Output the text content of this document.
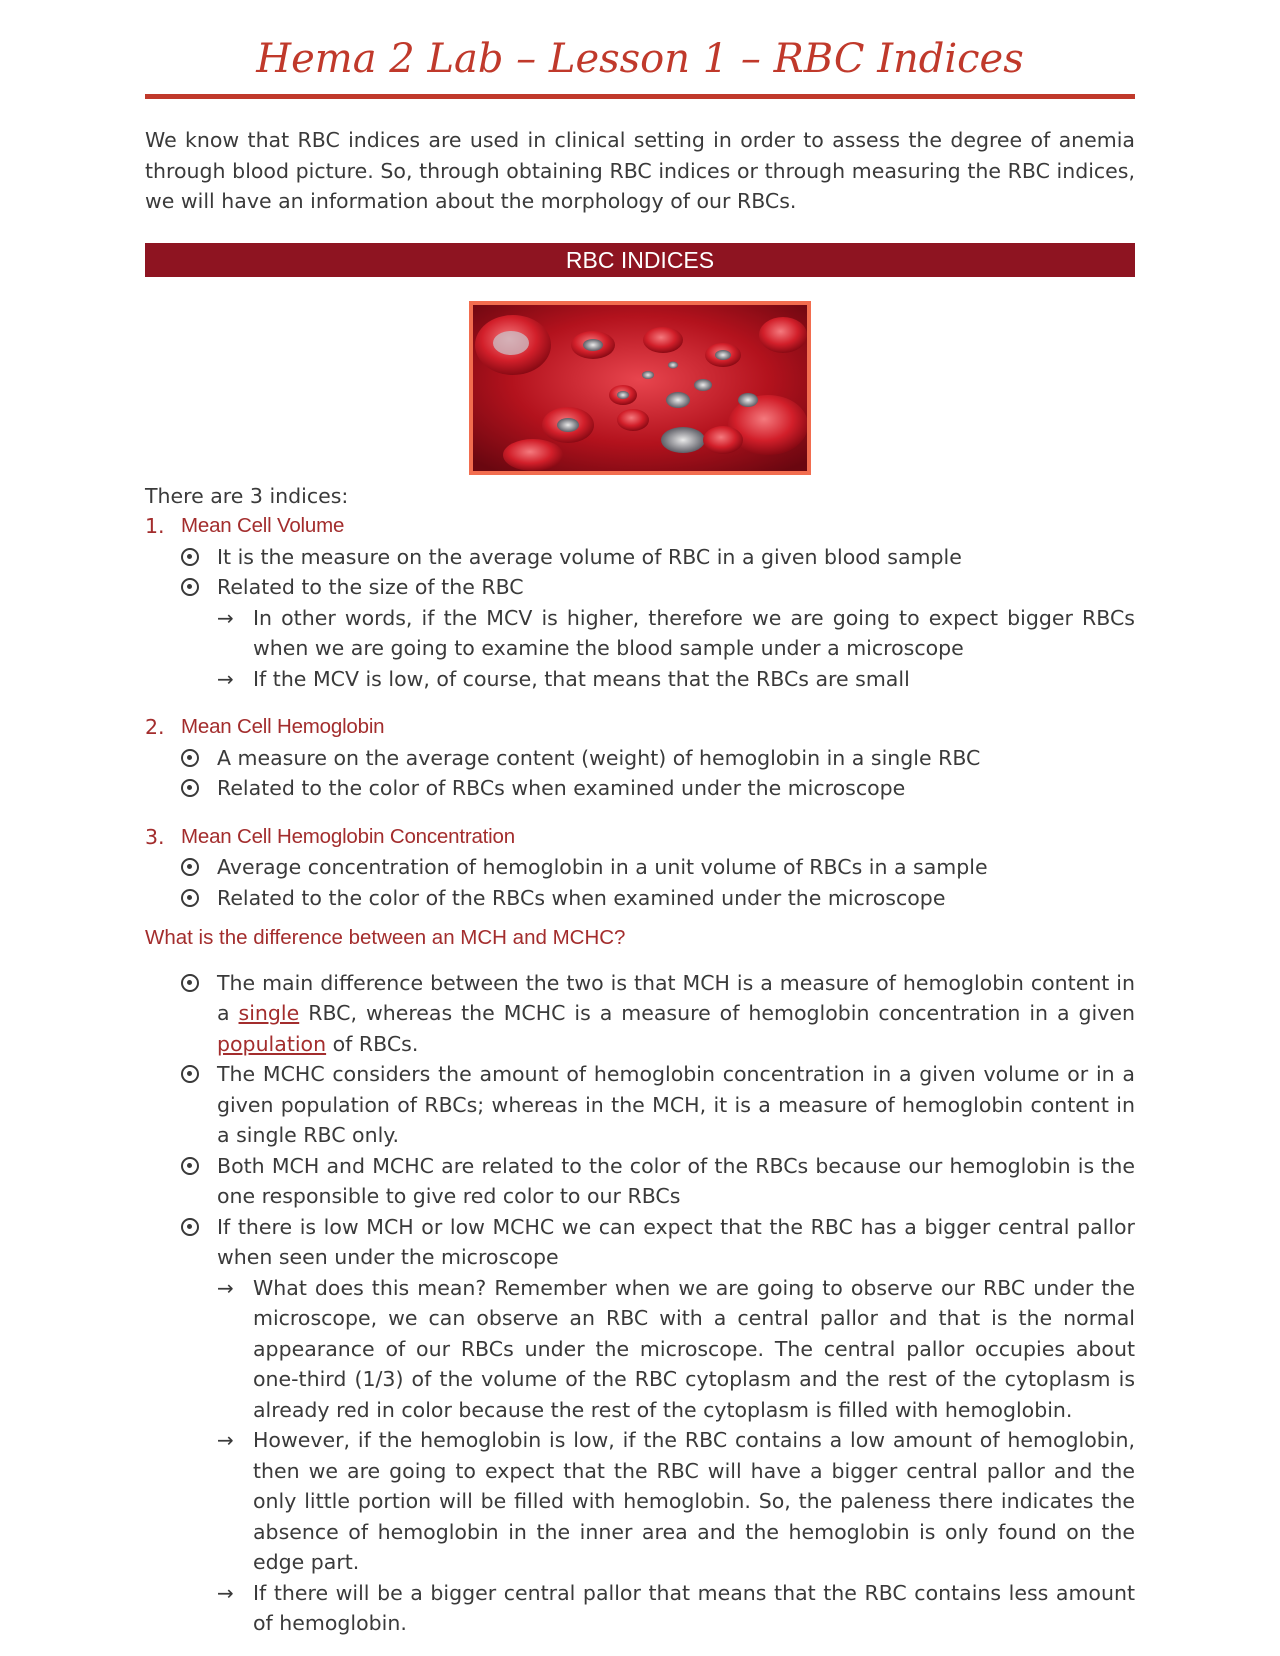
Hema 2 Lab – Lesson 1 – RBC Indices

We know that RBC indices are used in clinical setting in order to assess the degree of anemia through blood picture. So, through obtaining RBC indices or through measuring the RBC indices, we will have an information about the morphology of our RBCs.

RBC INDICES
There are 3 indices:
1. Mean Cell Volume
It is the measure on the average volume of RBC in a given blood sample
Related to the size of the RBC
→ In other words, if the MCV is higher, therefore we are going to expect bigger RBCs when we are going to examine the blood sample under a microscope
→ If the MCV is low, of course, that means that the RBCs are small
2. Mean Cell Hemoglobin
A measure on the average content (weight) of hemoglobin in a single RBC
Related to the color of RBCs when examined under the microscope
3. Mean Cell Hemoglobin Concentration
Average concentration of hemoglobin in a unit volume of RBCs in a sample
Related to the color of the RBCs when examined under the microscope
What is the difference between an MCH and MCHC?
The main difference between the two is that MCH is a measure of hemoglobin content in a single RBC, whereas the MCHC is a measure of hemoglobin concentration in a given population of RBCs.
The MCHC considers the amount of hemoglobin concentration in a given volume or in a given population of RBCs; whereas in the MCH, it is a measure of hemoglobin content in a single RBC only.
Both MCH and MCHC are related to the color of the RBCs because our hemoglobin is the one responsible to give red color to our RBCs
If there is low MCH or low MCHC we can expect that the RBC has a bigger central pallor when seen under the microscope
→ What does this mean? Remember when we are going to observe our RBC under the microscope, we can observe an RBC with a central pallor and that is the normal appearance of our RBCs under the microscope. The central pallor occupies about one-third (1/3) of the volume of the RBC cytoplasm and the rest of the cytoplasm is already red in color because the rest of the cytoplasm is filled with hemoglobin.
→ However, if the hemoglobin is low, if the RBC contains a low amount of hemoglobin, then we are going to expect that the RBC will have a bigger central pallor and the only little portion will be filled with hemoglobin. So, the paleness there indicates the absence of hemoglobin in the inner area and the hemoglobin is only found on the edge part.
→ If there will be a bigger central pallor that means that the RBC contains less amount of hemoglobin.
